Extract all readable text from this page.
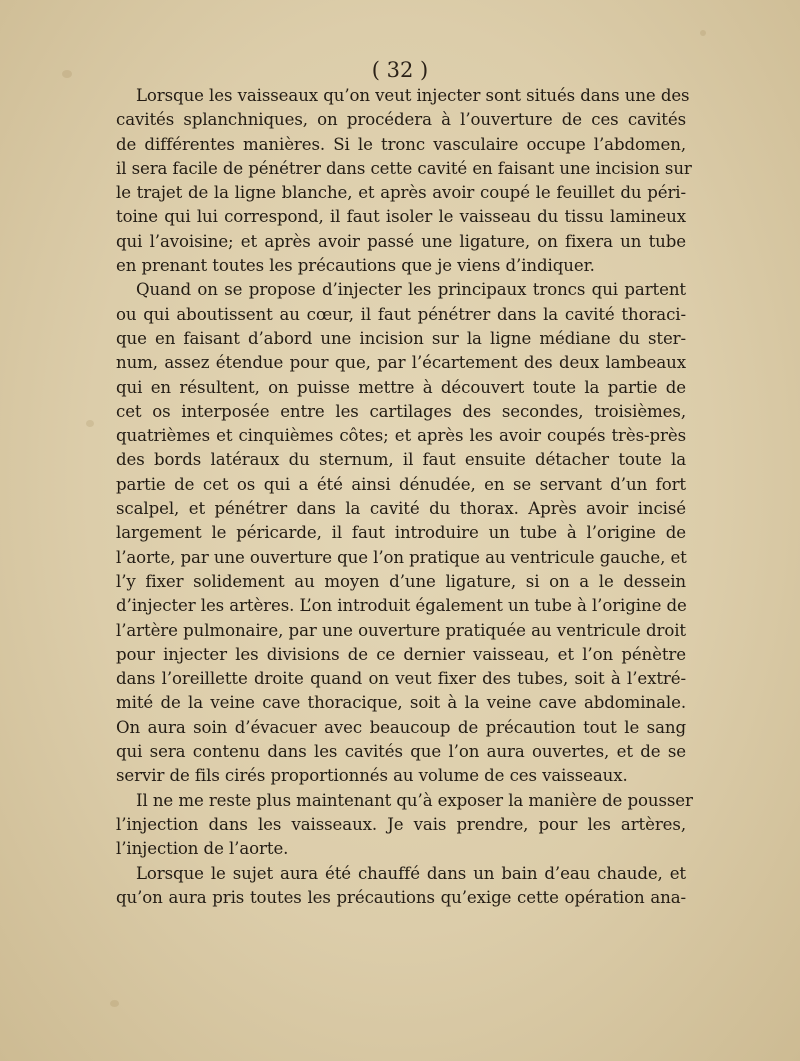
( 32 )
Lorsque les vaisseaux qu’on veut injecter sont situés dans une des
cavités splanchniques, on procédera à l’ouverture de ces cavités
de différentes manières. Si le tronc vasculaire occupe l’abdomen,
il sera facile de pénétrer dans cette cavité en faisant une incision sur
le trajet de la ligne blanche, et après avoir coupé le feuillet du péri-
toine qui lui correspond, il faut isoler le vaisseau du tissu lamineux
qui l’avoisine; et après avoir passé une ligature, on fixera un tube
en prenant toutes les précautions que je viens d’indiquer.
Quand on se propose d’injecter les principaux troncs qui partent
ou qui aboutissent au cœur, il faut pénétrer dans la cavité thoraci-
que en faisant d’abord une incision sur la ligne médiane du ster-
num, assez étendue pour que, par l’écartement des deux lambeaux
qui en résultent, on puisse mettre à découvert toute la partie de
cet os interposée entre les cartilages des secondes, troisièmes,
quatrièmes et cinquièmes côtes; et après les avoir coupés très-près
des bords latéraux du sternum, il faut ensuite détacher toute la
partie de cet os qui a été ainsi dénudée, en se servant d’un fort
scalpel, et pénétrer dans la cavité du thorax. Après avoir incisé
largement le péricarde, il faut introduire un tube à l’origine de
l’aorte, par une ouverture que l’on pratique au ventricule gauche, et
l’y fixer solidement au moyen d’une ligature, si on a le dessein
d’injecter les artères. L’on introduit également un tube à l’origine de
l’artère pulmonaire, par une ouverture pratiquée au ventricule droit
pour injecter les divisions de ce dernier vaisseau, et l’on pénètre
dans l’oreillette droite quand on veut fixer des tubes, soit à l’extré-
mité de la veine cave thoracique, soit à la veine cave abdominale.
On aura soin d’évacuer avec beaucoup de précaution tout le sang
qui sera contenu dans les cavités que l’on aura ouvertes, et de se
servir de fils cirés proportionnés au volume de ces vaisseaux.
Il ne me reste plus maintenant qu’à exposer la manière de pousser
l’injection dans les vaisseaux. Je vais prendre, pour les artères,
l’injection de l’aorte.
Lorsque le sujet aura été chauffé dans un bain d’eau chaude, et
qu’on aura pris toutes les précautions qu’exige cette opération ana-
